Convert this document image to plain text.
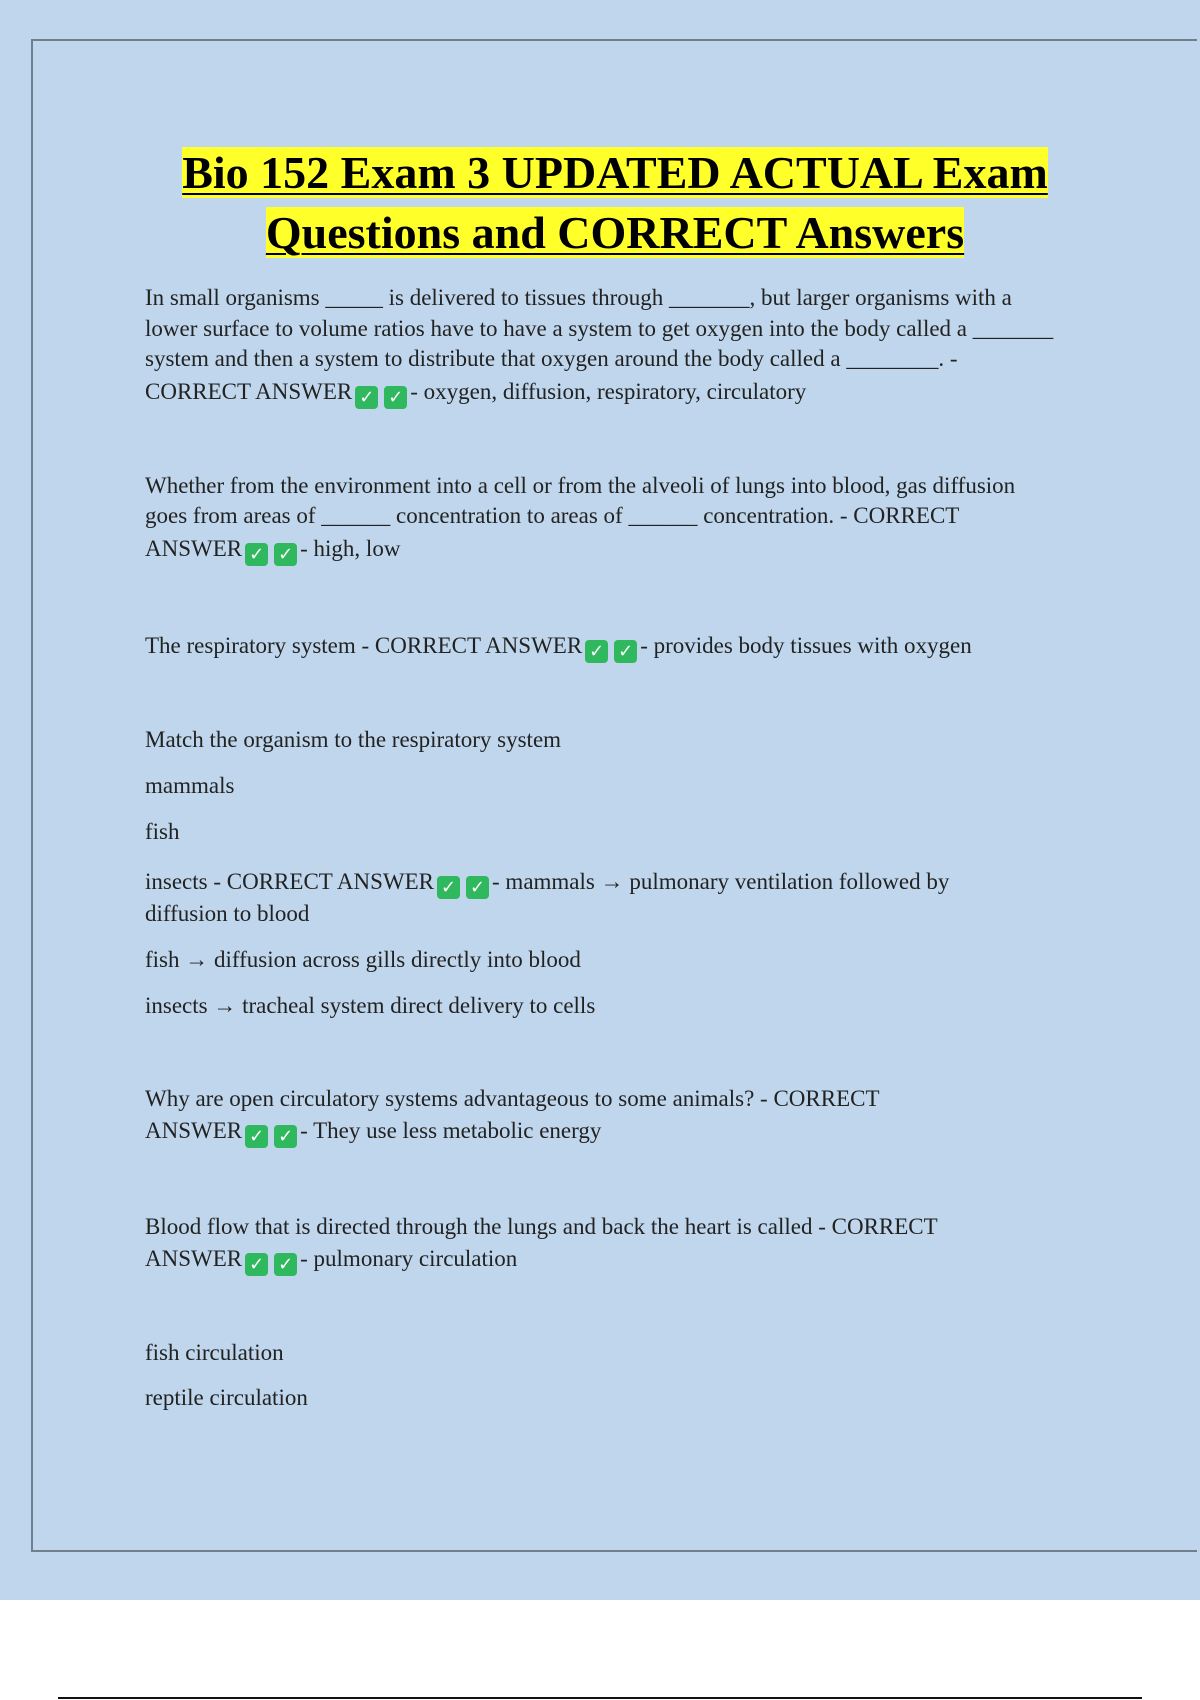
Bio 152 Exam 3 UPDATED ACTUAL Exam
Questions and CORRECT Answers

In small organisms _____ is delivered to tissues through _______, but larger organisms with a

lower surface to volume ratios have to have a system to get oxygen into the body called a _______

system and then a system to distribute that oxygen around the body called a ________. -

CORRECT ANSWER ✓ ✓ - oxygen, diffusion, respiratory, circulatory

Whether from the environment into a cell or from the alveoli of lungs into blood, gas diffusion

goes from areas of ______ concentration to areas of ______ concentration. - CORRECT

ANSWER ✓ ✓ - high, low

The respiratory system - CORRECT ANSWER ✓ ✓ - provides body tissues with oxygen

Match the organism to the respiratory system

mammals

fish

insects - CORRECT ANSWER ✓ ✓ - mammals → pulmonary ventilation followed by

diffusion to blood

fish → diffusion across gills directly into blood

insects → tracheal system direct delivery to cells

Why are open circulatory systems advantageous to some animals? - CORRECT

ANSWER ✓ ✓ - They use less metabolic energy

Blood flow that is directed through the lungs and back the heart is called - CORRECT

ANSWER ✓ ✓ - pulmonary circulation

fish circulation

reptile circulation
